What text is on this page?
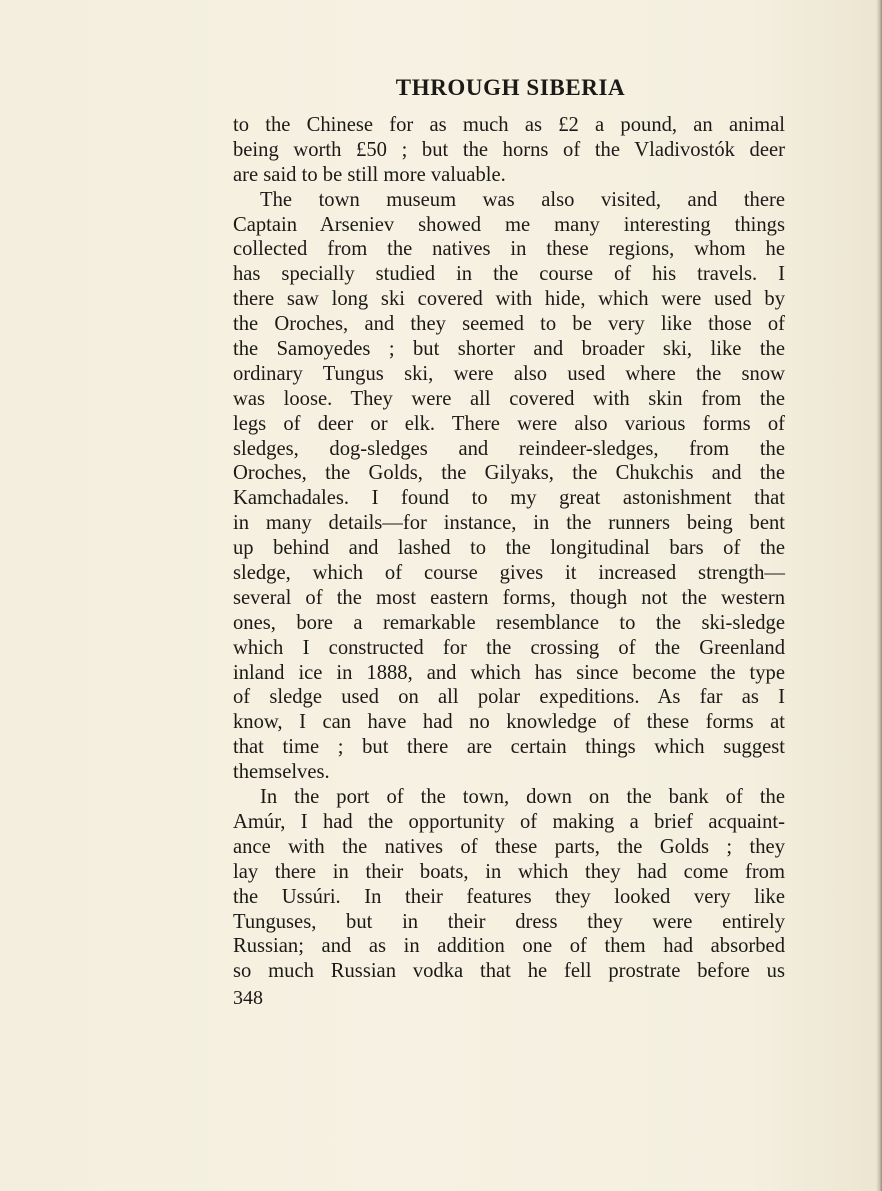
THROUGH SIBERIA
to the Chinese for as much as £2 a pound, an animal
being worth £50 ; but the horns of the Vladivostók deer
are said to be still more valuable.
The town museum was also visited, and there
Captain Arseniev showed me many interesting things
collected from the natives in these regions, whom he
has specially studied in the course of his travels. I
there saw long ski covered with hide, which were used by
the Oroches, and they seemed to be very like those of
the Samoyedes ; but shorter and broader ski, like the
ordinary Tungus ski, were also used where the snow
was loose. They were all covered with skin from the
legs of deer or elk. There were also various forms of
sledges, dog-sledges and reindeer-sledges, from the
Oroches, the Golds, the Gilyaks, the Chukchis and the
Kamchadales. I found to my great astonishment that
in many details—for instance, in the runners being bent
up behind and lashed to the longitudinal bars of the
sledge, which of course gives it increased strength—
several of the most eastern forms, though not the western
ones, bore a remarkable resemblance to the ski-sledge
which I constructed for the crossing of the Greenland
inland ice in 1888, and which has since become the type
of sledge used on all polar expeditions. As far as I
know, I can have had no knowledge of these forms at
that time ; but there are certain things which suggest
themselves.
In the port of the town, down on the bank of the
Amúr, I had the opportunity of making a brief acquaint-
ance with the natives of these parts, the Golds ; they
lay there in their boats, in which they had come from
the Ussúri. In their features they looked very like
Tunguses, but in their dress they were entirely
Russian; and as in addition one of them had absorbed
so much Russian vodka that he fell prostrate before us
348
